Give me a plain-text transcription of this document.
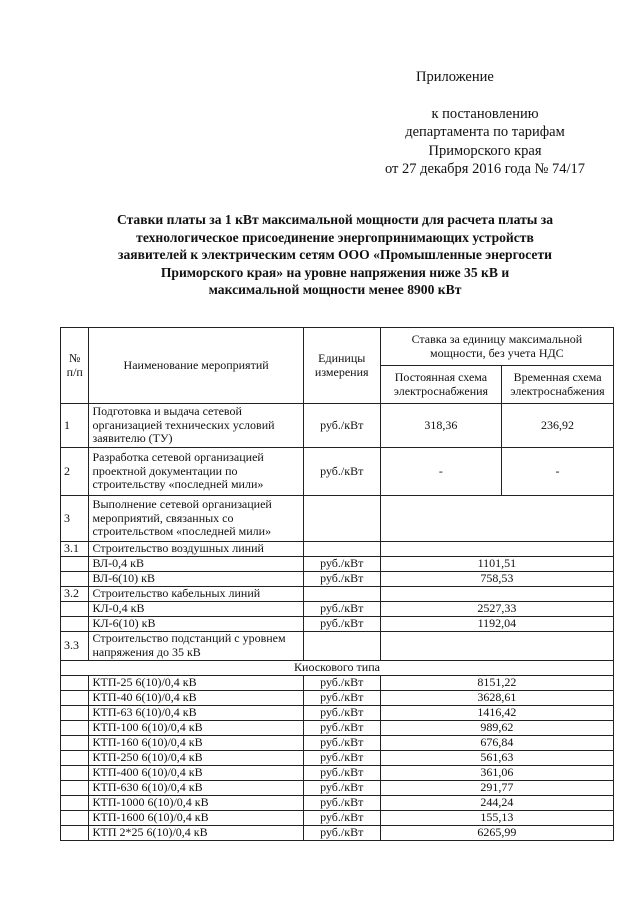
Приложение
к постановлению
департамента по тарифам
Приморского края
от 27 декабря 2016 года № 74/17
Ставки платы за 1 кВт максимальной мощности для расчета платы за
технологическое присоединение энергопринимающих устройств
заявителей к электрическим сетям ООО «Промышленные энергосети
Приморского края» на уровне напряжения ниже 35 кВ и
максимальной мощности менее 8900 кВт
№ п/п	Наименование мероприятий	Единицы измерения	Ставка за единицу максимальной мощности, без учета НДС	
			Постоянная схема электроснабжения	Временная схема электроснабжения
1	Подготовка и выдача сетевой организацией технических условий заявителю (ТУ)	руб./кВт	318,36	236,92
2	Разработка сетевой организацией проектной документации по строительству «последней мили»	руб./кВт	-	-
3	Выполнение сетевой организацией мероприятий, связанных со строительством «последней мили»			
3.1	Строительство воздушных линий			
	ВЛ-0,4 кВ	руб./кВт	1101,51	
	ВЛ-6(10) кВ	руб./кВт	758,53	
3.2	Строительство кабельных линий			
	КЛ-0,4 кВ	руб./кВт	2527,33	
	КЛ-6(10) кВ	руб./кВт	1192,04	
3.3	Строительство подстанций с уровнем напряжения до 35 кВ			
Киоскового типа				
	КТП-25 6(10)/0,4 кВ	руб./кВт	8151,22	
	КТП-40 6(10)/0,4 кВ	руб./кВт	3628,61	
	КТП-63 6(10)/0,4 кВ	руб./кВт	1416,42	
	КТП-100 6(10)/0,4 кВ	руб./кВт	989,62	
	КТП-160 6(10)/0,4 кВ	руб./кВт	676,84	
	КТП-250 6(10)/0,4 кВ	руб./кВт	561,63	
	КТП-400 6(10)/0,4 кВ	руб./кВт	361,06	
	КТП-630 6(10)/0,4 кВ	руб./кВт	291,77	
	КТП-1000 6(10)/0,4 кВ	руб./кВт	244,24	
	КТП-1600 6(10)/0,4 кВ	руб./кВт	155,13	
	КТП 2*25 6(10)/0,4 кВ	руб./кВт	6265,99	
